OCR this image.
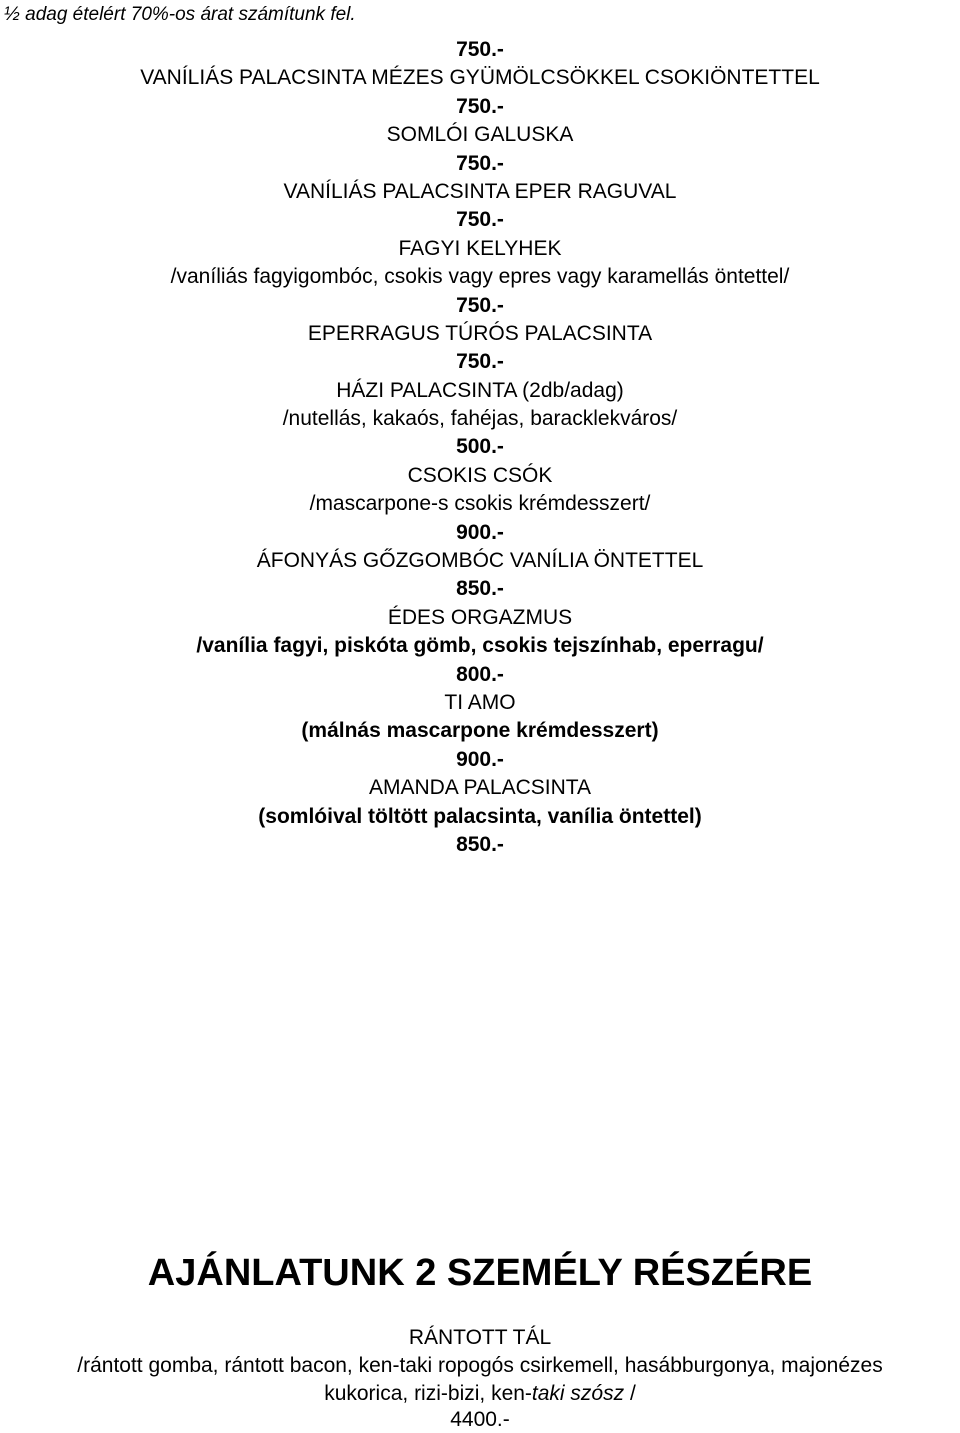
½ adag ételért 70%-os árat számítunk fel.
750.-
VANÍLIÁS PALACSINTA MÉZES GYÜMÖLCSÖKKEL CSOKIÖNTETTEL
750.-
SOMLÓI GALUSKA
750.-
VANÍLIÁS PALACSINTA EPER RAGUVAL
750.-
FAGYI KELYHEK
/vaníliás fagyigombóc, csokis vagy epres vagy karamellás öntettel/
750.-
EPERRAGUS TÚRÓS PALACSINTA
750.-
HÁZI PALACSINTA (2db/adag)
/nutellás, kakaós, fahéjas, baracklekváros/
500.-
CSOKIS CSÓK
/mascarpone-s csokis krémdesszert/
900.-
ÁFONYÁS GŐZGOMBÓC VANÍLIA ÖNTETTEL
850.-
ÉDES ORGAZMUS
/vanília fagyi, piskóta gömb, csokis tejszínhab, eperragu/
800.-
TI AMO
(málnás mascarpone krémdesszert)
900.-
AMANDA PALACSINTA
(somlóival töltött palacsinta, vanília öntettel)
850.-
AJÁNLATUNK 2 SZEMÉLY RÉSZÉRE
RÁNTOTT TÁL
/rántott gomba, rántott bacon, ken-taki ropogós csirkemell, hasábburgonya, majonézes
kukorica, rizi-bizi, ken-taki szósz /
4400.-
